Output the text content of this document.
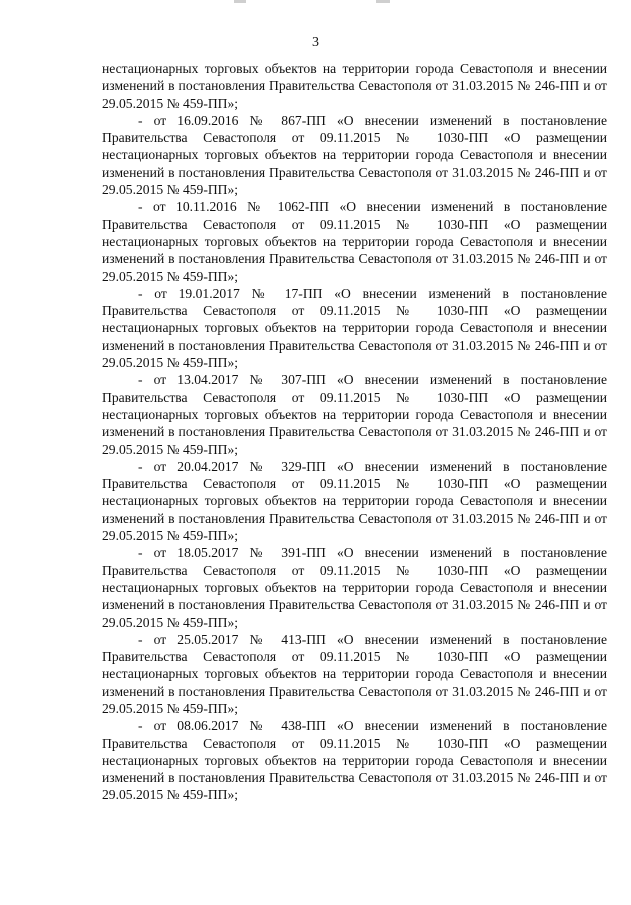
3

нестационарных торговых объектов на территории города Севастополя и внесении изменений в постановления Правительства Севастополя от 31.03.2015 № 246-ПП и от 29.05.2015 № 459-ПП»;

- от 16.09.2016 № 867-ПП «О внесении изменений в постановление Правительства Севастополя от 09.11.2015 № 1030-ПП «О размещении нестационарных торговых объектов на территории города Севастополя и внесении изменений в постановления Правительства Севастополя от 31.03.2015 № 246-ПП и от 29.05.2015 № 459-ПП»;

- от 10.11.2016 № 1062-ПП «О внесении изменений в постановление Правительства Севастополя от 09.11.2015 № 1030-ПП «О размещении нестационарных торговых объектов на территории города Севастополя и внесении изменений в постановления Правительства Севастополя от 31.03.2015 № 246-ПП и от 29.05.2015 № 459-ПП»;

- от 19.01.2017 № 17-ПП «О внесении изменений в постановление Правительства Севастополя от 09.11.2015 № 1030-ПП «О размещении нестационарных торговых объектов на территории города Севастополя и внесении изменений в постановления Правительства Севастополя от 31.03.2015 № 246-ПП и от 29.05.2015 № 459-ПП»;

- от 13.04.2017 № 307-ПП «О внесении изменений в постановление Правительства Севастополя от 09.11.2015 № 1030-ПП «О размещении нестационарных торговых объектов на территории города Севастополя и внесении изменений в постановления Правительства Севастополя от 31.03.2015 № 246-ПП и от 29.05.2015 № 459-ПП»;

- от 20.04.2017 № 329-ПП «О внесении изменений в постановление Правительства Севастополя от 09.11.2015 № 1030-ПП «О размещении нестационарных торговых объектов на территории города Севастополя и внесении изменений в постановления Правительства Севастополя от 31.03.2015 № 246-ПП и от 29.05.2015 № 459-ПП»;

- от 18.05.2017 № 391-ПП «О внесении изменений в постановление Правительства Севастополя от 09.11.2015 № 1030-ПП «О размещении нестационарных торговых объектов на территории города Севастополя и внесении изменений в постановления Правительства Севастополя от 31.03.2015 № 246-ПП и от 29.05.2015 № 459-ПП»;

- от 25.05.2017 № 413-ПП «О внесении изменений в постановление Правительства Севастополя от 09.11.2015 № 1030-ПП «О размещении нестационарных торговых объектов на территории города Севастополя и внесении изменений в постановления Правительства Севастополя от 31.03.2015 № 246-ПП и от 29.05.2015 № 459-ПП»;

- от 08.06.2017 № 438-ПП «О внесении изменений в постановление Правительства Севастополя от 09.11.2015 № 1030-ПП «О размещении нестационарных торговых объектов на территории города Севастополя и внесении изменений в постановления Правительства Севастополя от 31.03.2015 № 246-ПП и от 29.05.2015 № 459-ПП»;
